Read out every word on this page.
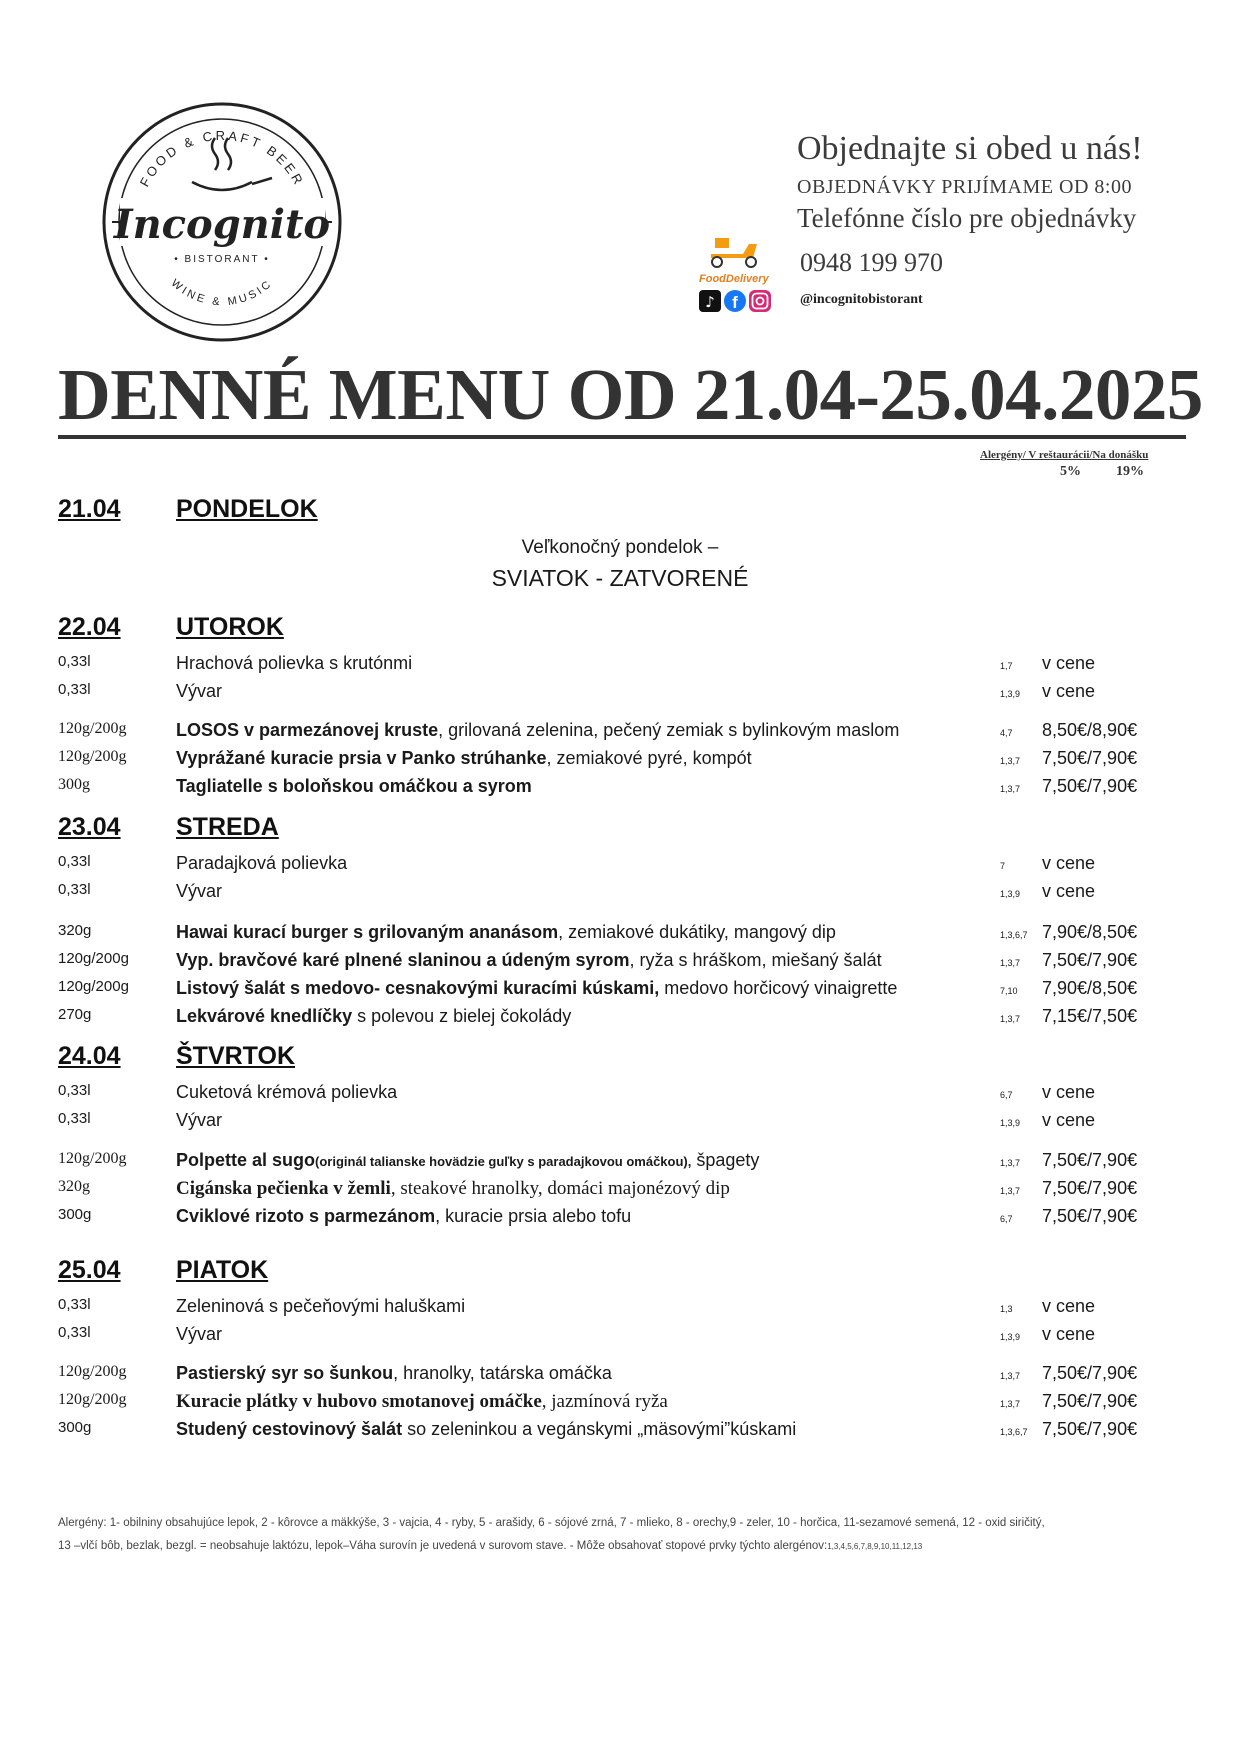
FOOD & CRAFT BEER
WINE & MUSIC
Incognito
• BISTORANT •
Objednajte si obed u nás!
OBJEDNÁVKY PRIJÍMAME OD 8:00
Telefónne číslo pre objednávky
0948 199 970
@incognitobistorant
FoodDelivery
♪ f
DENNÉ MENU OD 21.04-25.04.2025
Alergény/ V reštaurácii/Na donášku
5%	19%
21.04 PONDELOK
Veľkonočný pondelok –
SVIATOK - ZATVORENÉ
22.04 UTOROK
0,33l	Hrachová polievka s krutónmi	1,7 v cene
0,33l	Vývar	1,3,9 v cene
120g/200g	LOSOS v parmezánovej kruste, grilovaná zelenina, pečený zemiak s bylinkovým maslom	4,7 8,50€/8,90€
120g/200g	Vyprážané kuracie prsia v Panko strúhanke, zemiakové pyré, kompót	1,3,7 7,50€/7,90€
300g	Tagliatelle s boloňskou omáčkou a syrom	1,3,7 7,50€/7,90€
23.04 STREDA
0,33l	Paradajková polievka	7 v cene
0,33l	Vývar	1,3,9 v cene
320g	Hawai kurací burger s grilovaným ananásom, zemiakové dukátiky, mangový dip	1,3,6,7 7,90€/8,50€
120g/200g	Vyp. bravčové karé plnené slaninou a údeným syrom, ryža s hráškom, miešaný šalát	1,3,7 7,50€/7,90€
120g/200g	Listový šalát s medovo- cesnakovými kuracími kúskami, medovo horčicový vinaigrette	7,10 7,90€/8,50€
270g	Lekvárové knedlíčky s polevou z bielej čokolády	1,3,7 7,15€/7,50€
24.04 ŠTVRTOK
0,33l	Cuketová krémová polievka	6,7 v cene
0,33l	Vývar	1,3,9 v cene
120g/200g	Polpette al sugo(originál talianske hovädzie guľky s paradajkovou omáčkou), špagety	1,3,7 7,50€/7,90€
320g	Cigánska pečienka v žemli, steakové hranolky, domáci majonézový dip	1,3,7 7,50€/7,90€
300g	Cviklové rizoto s parmezánom, kuracie prsia alebo tofu	6,7 7,50€/7,90€
25.04 PIATOK
0,33l	Zeleninová s pečeňovými haluškami	1,3 v cene
0,33l	Vývar	1,3,9 v cene
120g/200g	Pastierský syr so šunkou, hranolky, tatárska omáčka	1,3,7 7,50€/7,90€
120g/200g	Kuracie plátky v hubovo smotanovej omáčke, jazmínová ryža	1,3,7 7,50€/7,90€
300g	Studený cestovinový šalát so zeleninkou a vegánskymi „mäsovými”kúskami	1,3,6,7 7,50€/7,90€
Alergény: 1- obilniny obsahujúce lepok, 2 - kôrovce a mäkkýše, 3 - vajcia, 4 - ryby, 5 - arašidy, 6 - sójové zrná, 7 - mlieko, 8 - orechy,9 - zeler, 10 - horčica, 11-sezamové semená, 12 - oxid siričitý,
13 –vlčí bôb, bezlak, bezgl. = neobsahuje laktózu, lepok–Váha surovín je uvedená v surovom stave. - Môže obsahovať stopové prvky týchto alergénov:1,3,4,5,6,7,8,9,10,11,12,13
